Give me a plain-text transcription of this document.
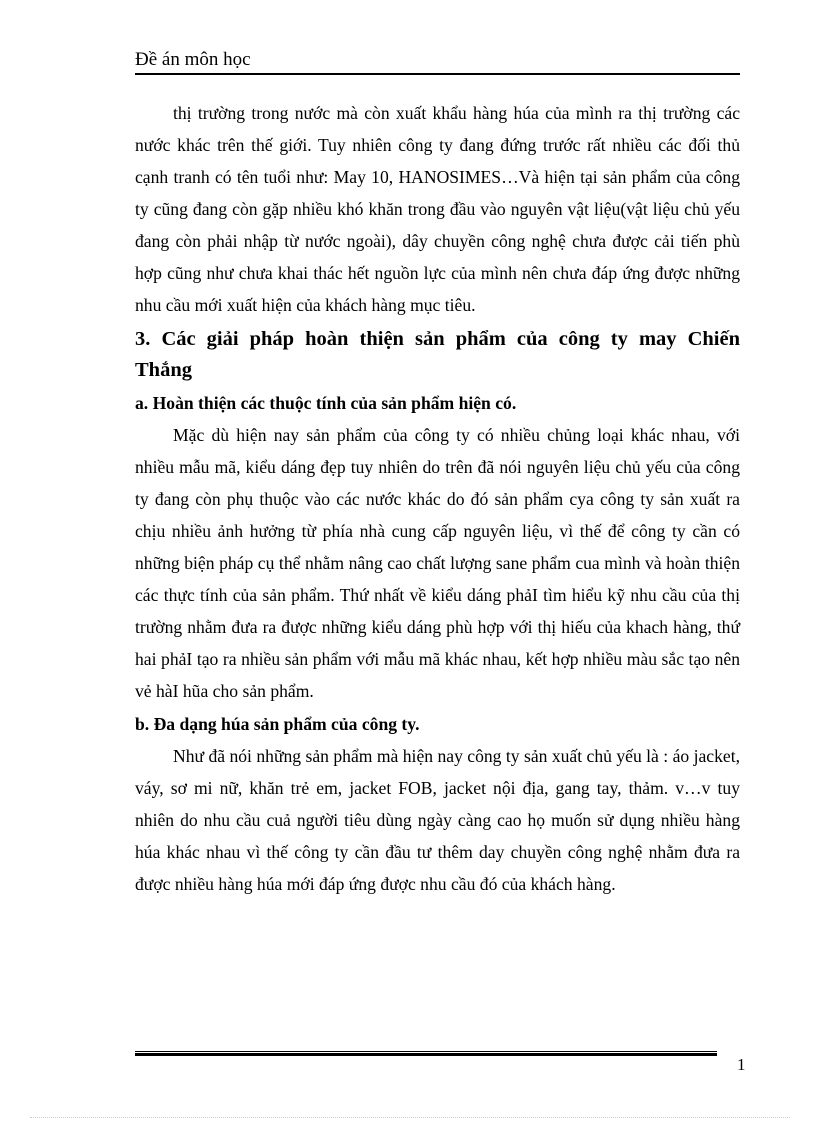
Đề án môn học

thị trường trong nước mà còn xuất khẩu hàng húa của mình ra thị trường các nước khác trên thế giới. Tuy nhiên công ty đang đứng trước rất nhiều các đối thủ cạnh tranh có tên tuổi như: May 10, HANOSIMES…Và hiện tại sản phẩm của công ty cũng đang còn gặp nhiều khó khăn trong đầu vào nguyên vật liệu(vật liệu chủ yếu đang còn phải nhập từ nước ngoài), dây chuyền công nghệ chưa được cải tiến phù hợp cũng như chưa khai thác hết nguồn lực của mình nên chưa đáp ứng được những nhu cầu mới xuất hiện của khách hàng mục tiêu.

3. Các giải pháp hoàn thiện sản phẩm của công ty may Chiến Thắng
a. Hoàn thiện các thuộc tính của sản phẩm hiện có.

Mặc dù hiện nay sản phẩm của công ty có nhiều chủng loại khác nhau, với nhiều mẫu mã, kiểu dáng đẹp tuy nhiên do trên đã nói nguyên liệu chủ yếu của công ty đang còn phụ thuộc vào các nước khác do đó sản phẩm cya công ty sản xuất ra chịu nhiều ảnh hưởng từ phía nhà cung cấp nguyên liệu, vì thế để công ty cần có những biện pháp cụ thể nhằm nâng cao chất lượng sane phẩm cua mình và hoàn thiện các thực tính của sản phẩm. Thứ nhất về kiểu dáng phảI tìm hiểu kỹ nhu cầu của thị trường nhằm đưa ra được những kiểu dáng phù hợp với thị hiếu của khach hàng, thứ hai phảI tạo ra nhiều sản phẩm với mẫu mã khác nhau, kết hợp nhiều màu sắc tạo nên vẻ hàI hũa cho sản phẩm.

b. Đa dạng húa sản phẩm của công ty.

Như đã nói những sản phẩm mà hiện nay công ty sản xuất chủ yếu là : áo jacket, váy, sơ mi nữ, khăn trẻ em, jacket FOB, jacket nội địa, gang tay, thảm. v…v tuy nhiên do nhu cầu cuả người tiêu dùng ngày càng cao họ muốn sử dụng nhiều hàng húa khác nhau vì thế công ty cần đầu tư thêm day chuyền công nghệ nhằm đưa ra được nhiều hàng húa mới đáp ứng được nhu cầu đó của khách hàng.

1
